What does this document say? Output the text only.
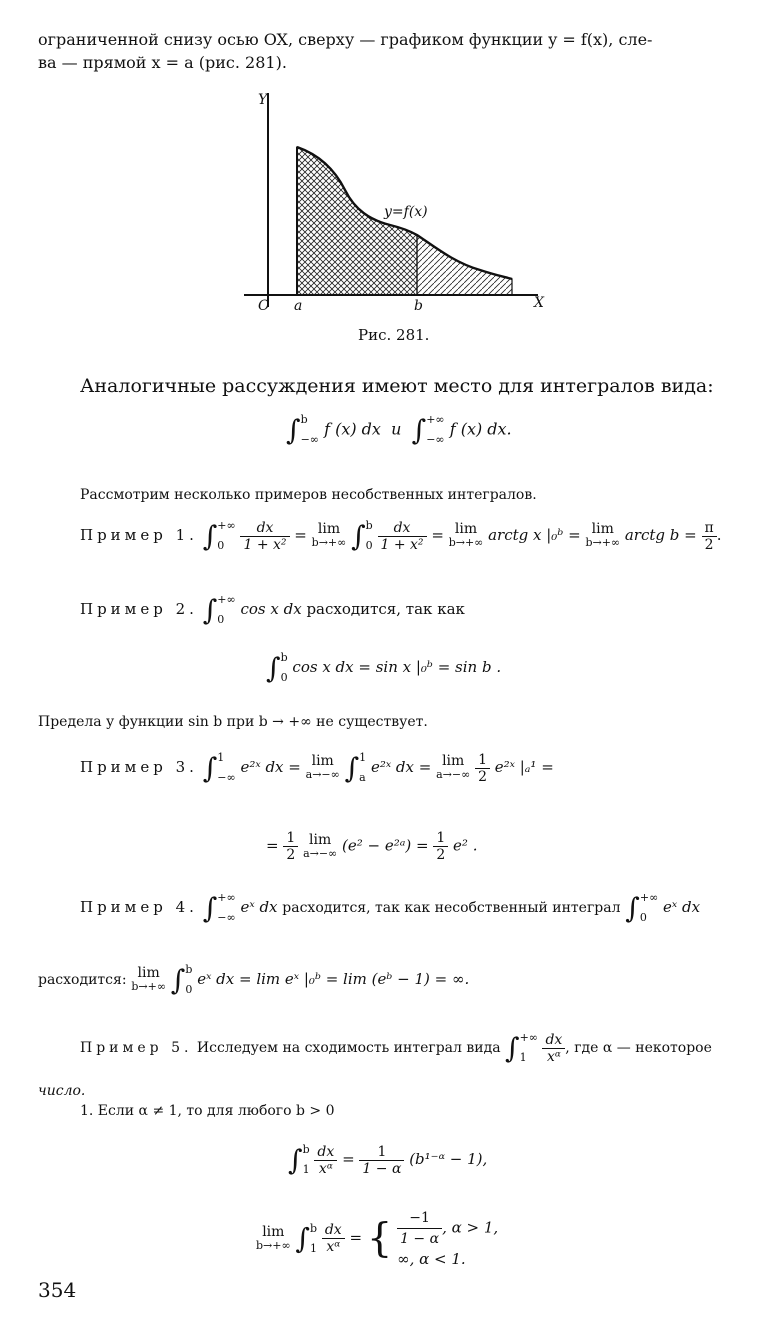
ограниченной снизу осью OX, сверху — графиком функции y = f(x), сле-
ва — прямой x = a (рис. 281).
Y
X
O a	b
y=f(x)
Рис. 281.
Аналогичные рассуждения имеют место для интегралов вида:
∫b
−∞ f (x) dx и ∫+∞
−∞ f (x) dx.
Рассмотрим несколько примеров несобственных интегралов.
Пример 1. ∫+∞
$0 \frac{dx}{\text{1 + x²}} = \lim$
b→+∞ ∫b
$0 \frac{dx}{\text{1 + x²}} = \lim$
b→+∞ arctg x |₀ᵇ = lim
b→+∞ arctg $b = \frac{\pi}{2}$ .
Пример 2. ∫+∞
0 cos x dx расходится, так как
∫b
0 cos x dx = sin x |₀ᵇ = sin b .
Предела у функции sin b при b → +∞ не существует.
Пример 3. ∫1
−∞ e²ˣ dx = lim
a→−∞ ∫1
a e²ˣ dx = lim
a→−∞
$\frac{1}{2}$ e²ˣ |ₐ¹ =
= $\frac{1}{2}$ lim
a→−∞ (e² − e²ᵃ) = $\frac{1}{2} e^2$ .
Пример 4. ∫+∞
−∞ eˣ dx расходится, так как несобственный интеграл ∫+∞
0 eˣ dx
расходится: lim
b→+∞ ∫b
0 eˣ dx = lim eˣ |₀ᵇ = lim (eᵇ − 1) = ∞.
Пример 5. Исследуем на сходимость интеграл вида ∫+∞
$1 \frac{dx}{\text{xᵅ}}$ , где α — некоторое
число.
1. Если α ≠ 1, то для любого b > 0
∫b
$1 \frac{dx}{\text{xᵅ}} = \frac{1}{1 - \alpha}$ (b¹⁻ᵅ − 1),
lim
b→+∞ ∫b
$1 \frac{dx}{\text{xᵅ}}$ = { $\frac{-1}{1 - \alpha}$ , α > 1,
∞, α < 1.
354
